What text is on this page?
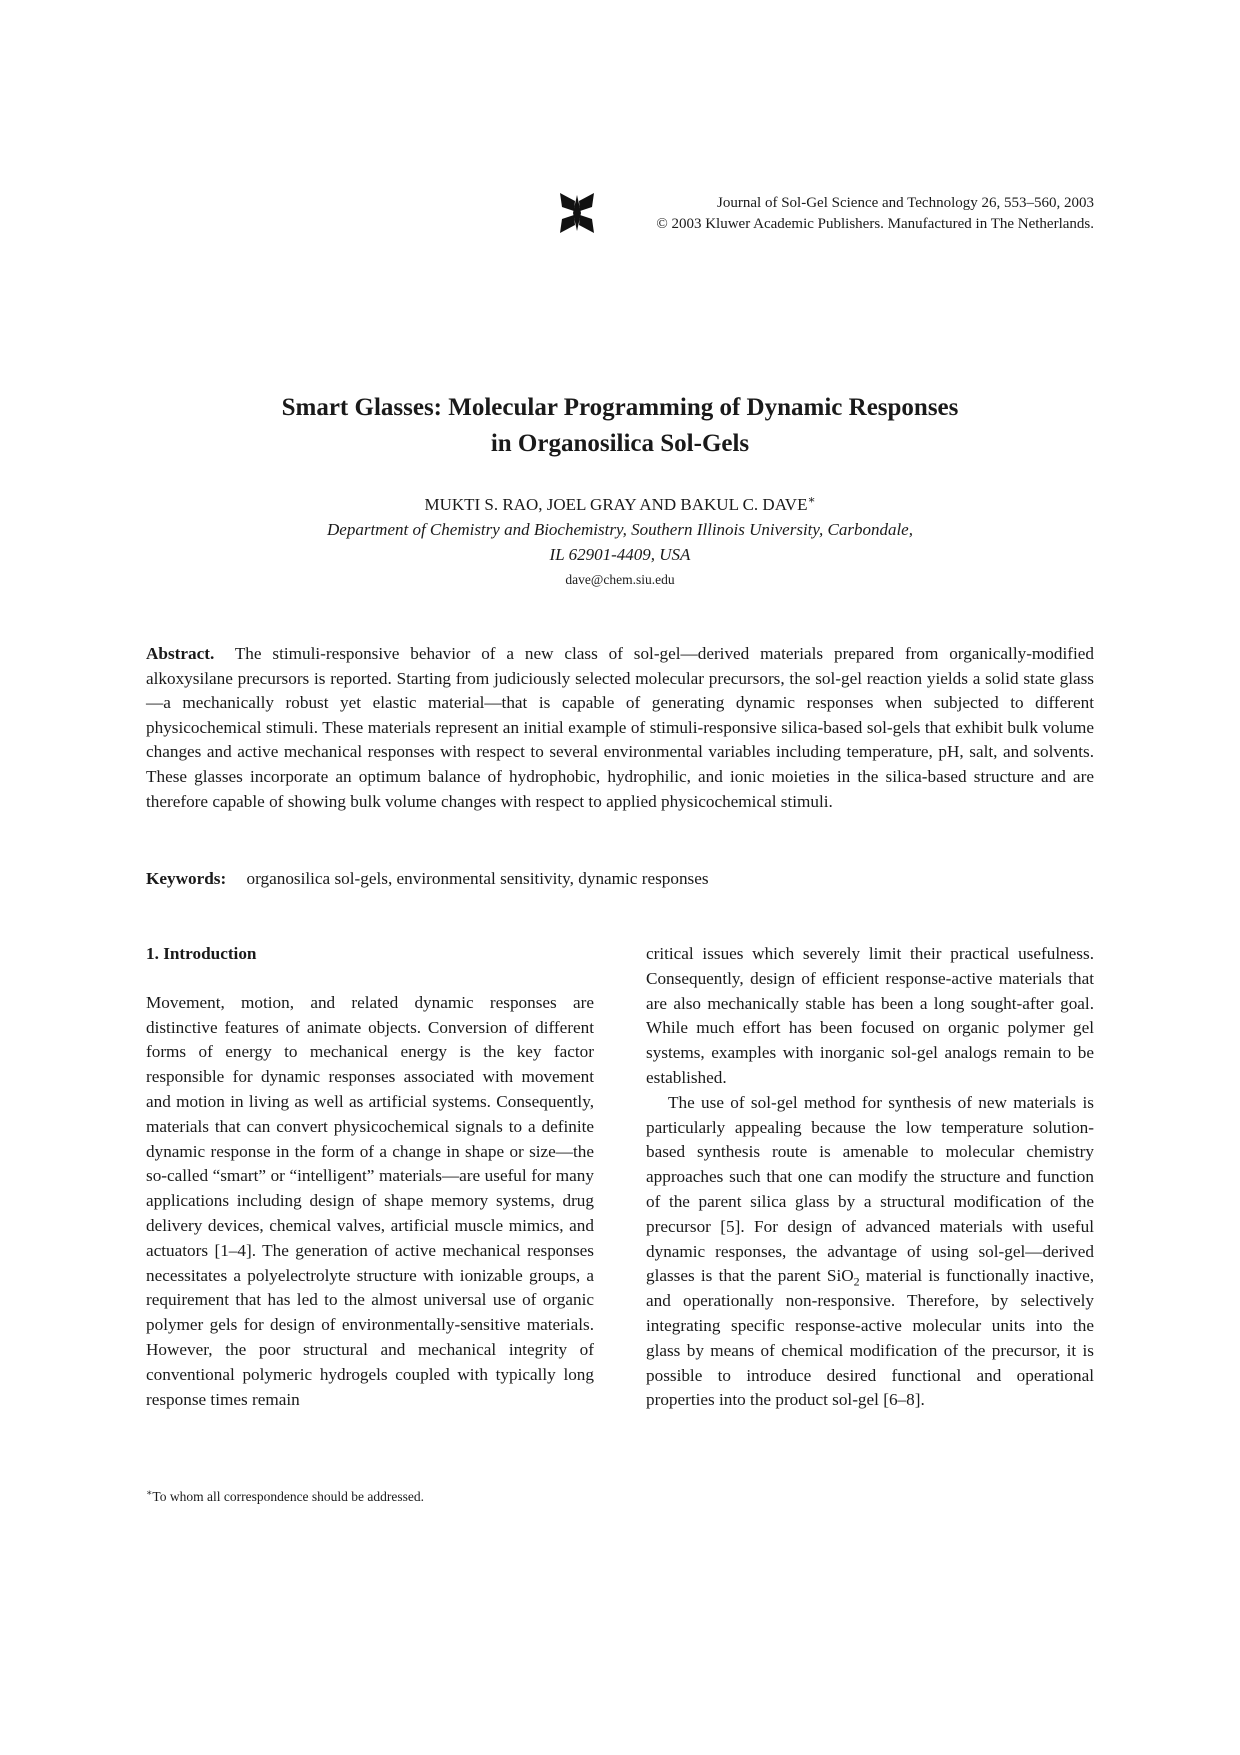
Journal of Sol-Gel Science and Technology 26, 553–560, 2003
© 2003 Kluwer Academic Publishers. Manufactured in The Netherlands.
Smart Glasses: Molecular Programming of Dynamic Responses
in Organosilica Sol-Gels
MUKTI S. RAO, JOEL GRAY AND BAKUL C. DAVE∗
Department of Chemistry and Biochemistry, Southern Illinois University, Carbondale,
IL 62901-4409, USA
dave@chem.siu.edu

Abstract. The stimuli-responsive behavior of a new class of sol-gel—derived materials prepared from organically-modified alkoxysilane precursors is reported. Starting from judiciously selected molecular precursors, the sol-gel reaction yields a solid state glass—a mechanically robust yet elastic material—that is capable of generating dynamic responses when subjected to different physicochemical stimuli. These materials represent an initial example of stimuli-responsive silica-based sol-gels that exhibit bulk volume changes and active mechanical responses with respect to several environmental variables including temperature, pH, salt, and solvents. These glasses incorporate an optimum balance of hydrophobic, hydrophilic, and ionic moieties in the silica-based structure and are therefore capable of showing bulk volume changes with respect to applied physicochemical stimuli.

Keywords: organosilica sol-gels, environmental sensitivity, dynamic responses
1. Introduction

Movement, motion, and related dynamic responses are distinctive features of animate objects. Conversion of different forms of energy to mechanical energy is the key factor responsible for dynamic responses associated with movement and motion in living as well as artificial systems. Consequently, materials that can convert physicochemical signals to a definite dynamic response in the form of a change in shape or size—the so-called “smart” or “intelligent” materials—are useful for many applications including design of shape memory systems, drug delivery devices, chemical valves, artificial muscle mimics, and actuators [1–4]. The generation of active mechanical responses necessitates a polyelectrolyte structure with ionizable groups, a requirement that has led to the almost universal use of organic polymer gels for design of environmentally-sensitive materials. However, the poor structural and mechanical integrity of conventional polymeric hydrogels coupled with typically long response times remain

critical issues which severely limit their practical usefulness. Consequently, design of efficient response-active materials that are also mechanically stable has been a long sought-after goal. While much effort has been focused on organic polymer gel systems, examples with inorganic sol-gel analogs remain to be established.

The use of sol-gel method for synthesis of new materials is particularly appealing because the low temperature solution-based synthesis route is amenable to molecular chemistry approaches such that one can modify the structure and function of the parent silica glass by a structural modification of the precursor [5]. For design of advanced materials with useful dynamic responses, the advantage of using sol-gel—derived glasses is that the parent SiO$_2$ material is functionally inactive, and operationally non-responsive. Therefore, by selectively integrating specific response-active molecular units into the glass by means of chemical modification of the precursor, it is possible to introduce desired functional and operational properties into the product sol-gel [6–8].

∗To whom all correspondence should be addressed.
